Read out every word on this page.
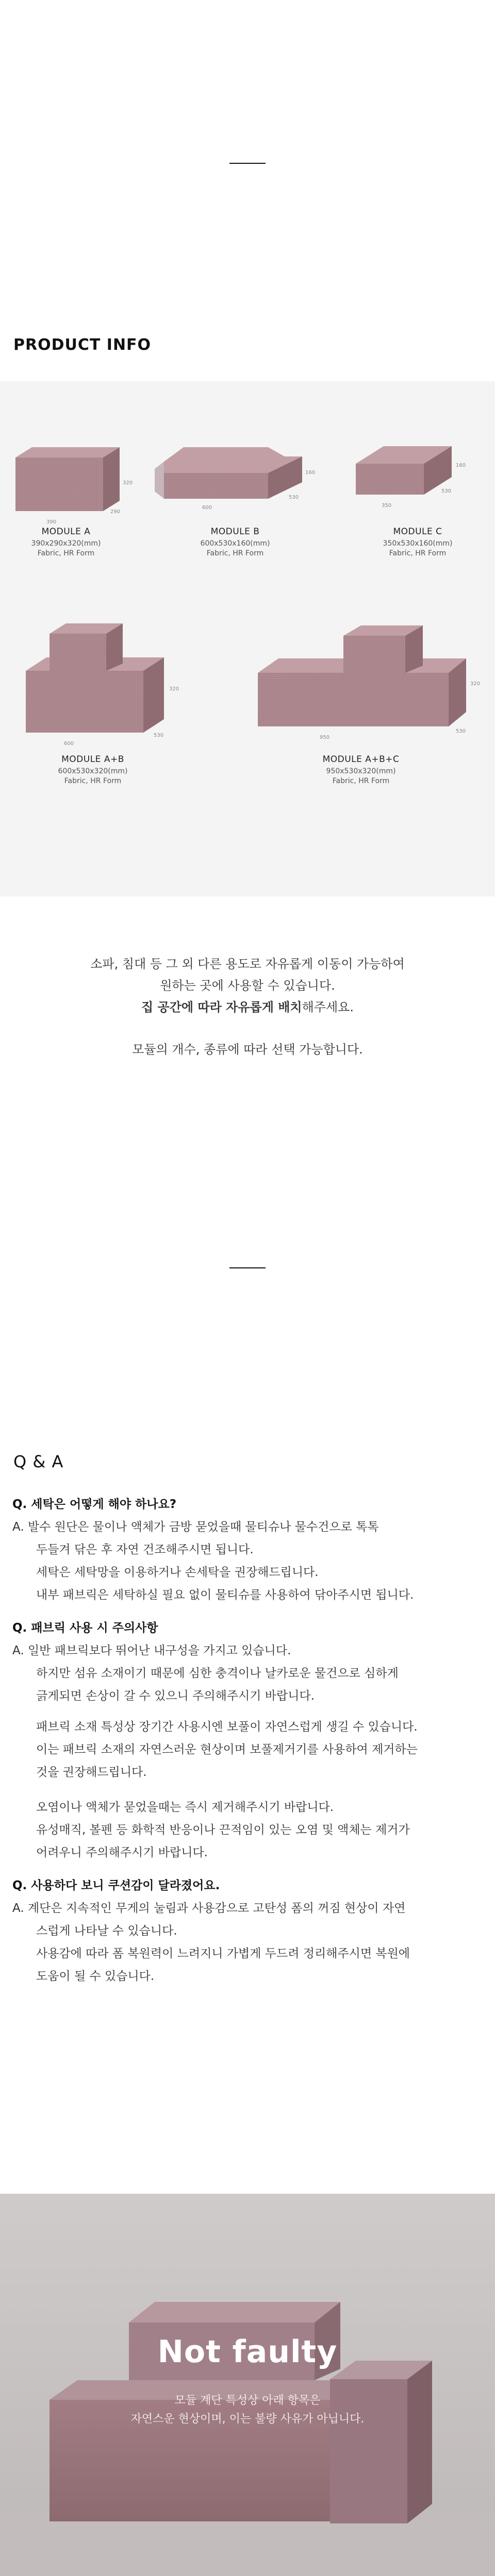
PRODUCT INFO
390
320
290
600
160
530
350
160
530
600
320
530	950
320
530
MODULE A
390x290x320(mm)
Fabric, HR Form
MODULE B
600x530x160(mm)
Fabric, HR Form
MODULE C
350x530x160(mm)
Fabric, HR Form
MODULE A+B
600x530x320(mm)
Fabric, HR Form
MODULE A+B+C
950x530x320(mm)
Fabric, HR Form
소파, 침대 등 그 외 다른 용도로 자유롭게 이동이 가능하여
원하는 곳에 사용할 수 있습니다.
집 공간에 따라 자유롭게 배치해주세요.
모듈의 개수, 종류에 따라 선택 가능합니다.
Q & A
Q. 세탁은 어떻게 해야 하나요?
A. 발수 원단은 물이나 액체가 금방 묻었을때 물티슈나 물수건으로 톡톡
두들겨 닦은 후 자연 건조해주시면 됩니다.
세탁은 세탁망을 이용하거나 손세탁을 권장해드립니다.
내부 패브릭은 세탁하실 필요 없이 물티슈를 사용하여 닦아주시면 됩니다.
Q. 패브릭 사용 시 주의사항
A. 일반 패브릭보다 뛰어난 내구성을 가지고 있습니다.
하지만 섬유 소재이기 때문에 심한 충격이나 날카로운 물건으로 심하게
긁게되면 손상이 갈 수 있으니 주의해주시기 바랍니다.
패브릭 소재 특성상 장기간 사용시엔 보풀이 자연스럽게 생길 수 있습니다.
이는 패브릭 소재의 자연스러운 현상이며 보풀제거기를 사용하여 제거하는
것을 권장해드립니다.
오염이나 액체가 묻었을때는 즉시 제거해주시기 바랍니다.
유성매직, 볼펜 등 화학적 반응이나 끈적임이 있는 오염 및 액체는 제거가
어려우니 주의해주시기 바랍니다.
Q. 사용하다 보니 쿠션감이 달라졌어요.
A. 계단은 지속적인 무게의 눌림과 사용감으로 고탄성 폼의 꺼짐 현상이 자연
스럽게 나타날 수 있습니다.
사용감에 따라 폼 복원력이 느려지니 가볍게 두드려 정리해주시면 복원에
도움이 될 수 있습니다.
Not faulty
모듈 계단 특성상 아래 항목은
자연스운 현상이며, 이는 불량 사유가 아닙니다.
